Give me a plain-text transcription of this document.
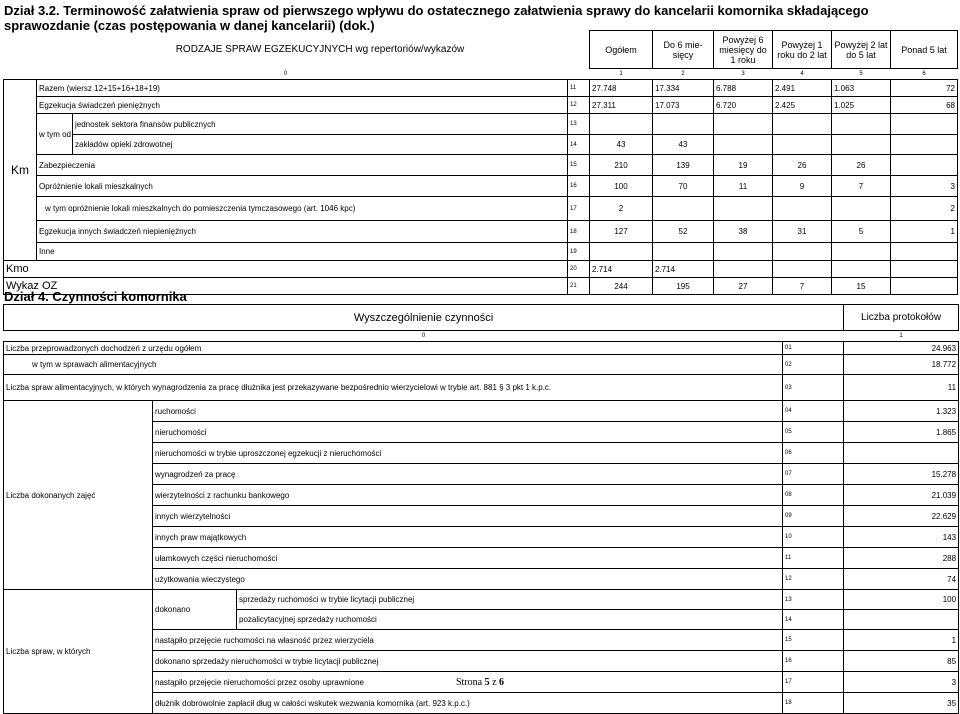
Dział 3.2. Terminowość załatwienia spraw od pierwszego wpływu do ostatecznego załatwienia sprawy do kancelarii komornika składającego sprawozdanie (czas postępowania w danej kancelarii) (dok.)
		RODZAJE SPRAW EGZEKUCYJNYCH wg repertoriów/wykazów		Ogółem	Do 6 mie-sięcy	Powyżej 6 miesięcy do 1 roku	Powyżej 1 roku do 2 lat	Powyżej 2 lat do 5 lat	Ponad 5 lat
0				1	2	3	4	5	6
Km	Razem (wiersz 12+15+16+18+19)		11	27.748	17.334	6.788	2.491	1.063	72
	Egzekucja świadczeń pieniężnych		12	27.311	17.073	6.720	2.425	1.025	68
	w tym od	jednostek sektora finansów publicznych	13						
		zakładów opieki zdrowotnej	14	43	43				
	Zabezpieczenia		15	210	139	19	26	26	
	Opróżnienie lokali mieszkalnych		16	100	70	11	9	7	3
	w tym opróżnienie lokali mieszkalnych do pomieszczenia tymczasowego (art. 1046 kpc)		17	2					2
	Egzekucja innych świadczeń niepieniężnych		18	127	52	38	31	5	1
	Inne		19						
Kmo			20	2.714	2.714				
Wykaz OZ			21	244	195	27	7	15	
Dział 4. Czynności komornika
Wyszczególnienie czynności				Liczba protokołów
0				1
Liczba przeprowadzonych dochodzeń z urzędu ogółem			01	24.963
w tym w sprawach alimentacyjnych			02	18.772
Liczba spraw alimentacyjnych, w których wynagrodzenia za pracę dłużnika jest przekazywane bezpośrednio wierzycielowi w trybie art. 881 § 3 pkt 1 k.p.c.			03	11
Liczba dokonanych zajęć	ruchomości		04	1.323
	nieruchomości		05	1.865
	nieruchomości w trybie uproszczonej egzekucji z nieruchomości		06	
	wynagrodzeń za pracę		07	15.278
	wierzytelności z rachunku bankowego		08	21.039
	innych wierzytelności		09	22.629
	innych praw majątkowych		10	143
	ułamkowych części nieruchomości		11	288
	użytkowania wieczystego		12	74
Liczba spraw, w których	dokonano	sprzedaży ruchomości w trybie licytacji publicznej	13	100
		pozalicytacyjnej sprzedaży ruchomości	14	
	nastąpiło przejęcie ruchomości na własność przez wierzyciela		15	1
	dokonano sprzedaży nieruchomości w trybie licytacji publicznej		16	85
	nastąpiło przejęcie nieruchomości przez osoby uprawnione		17	3
	dłużnik dobrowolnie zapłacił dług w całości wskutek wezwania komornika (art. 923 k.p.c.)		18	35
Strona 5 z 6
